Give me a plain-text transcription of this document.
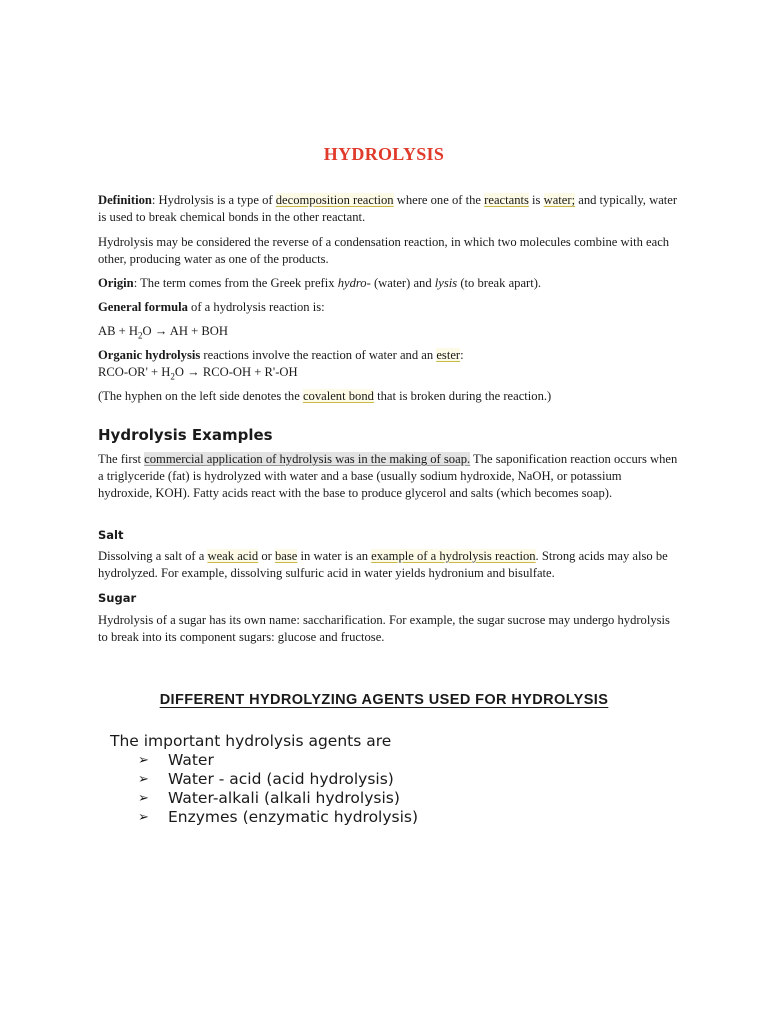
HYDROLYSIS

Definition: Hydrolysis is a type of decomposition reaction where one of the reactants is water; and typically, water is used to break chemical bonds in the other reactant.

Hydrolysis may be considered the reverse of a condensation reaction, in which two molecules combine with each other, producing water as one of the products.

Origin: The term comes from the Greek prefix hydro- (water) and lysis (to break apart).

General formula of a hydrolysis reaction is:

AB + $H_2O$ → AH + BOH

Organic hydrolysis reactions involve the reaction of water and an ester:

$RCO-OR' + H_2O \to RCO-OH + R'-OH$

(The hyphen on the left side denotes the covalent bond that is broken during the reaction.)

Hydrolysis Examples

The first commercial application of hydrolysis was in the making of soap. The saponification reaction occurs when a triglyceride (fat) is hydrolyzed with water and a base (usually sodium hydroxide, NaOH, or potassium hydroxide, KOH). Fatty acids react with the base to produce glycerol and salts (which becomes soap).

Salt

Dissolving a salt of a weak acid or base in water is an example of a hydrolysis reaction. Strong acids may also be hydrolyzed. For example, dissolving sulfuric acid in water yields hydronium and bisulfate.

Sugar

Hydrolysis of a sugar has its own name: saccharification. For example, the sugar sucrose may undergo hydrolysis to break into its component sugars: glucose and fructose.

DIFFERENT HYDROLYZING AGENTS USED FOR HYDROLYSIS
The important hydrolysis agents are
➢	Water
➢	Water - acid (acid hydrolysis)
➢	Water-alkali (alkali hydrolysis)
➢	Enzymes (enzymatic hydrolysis)
